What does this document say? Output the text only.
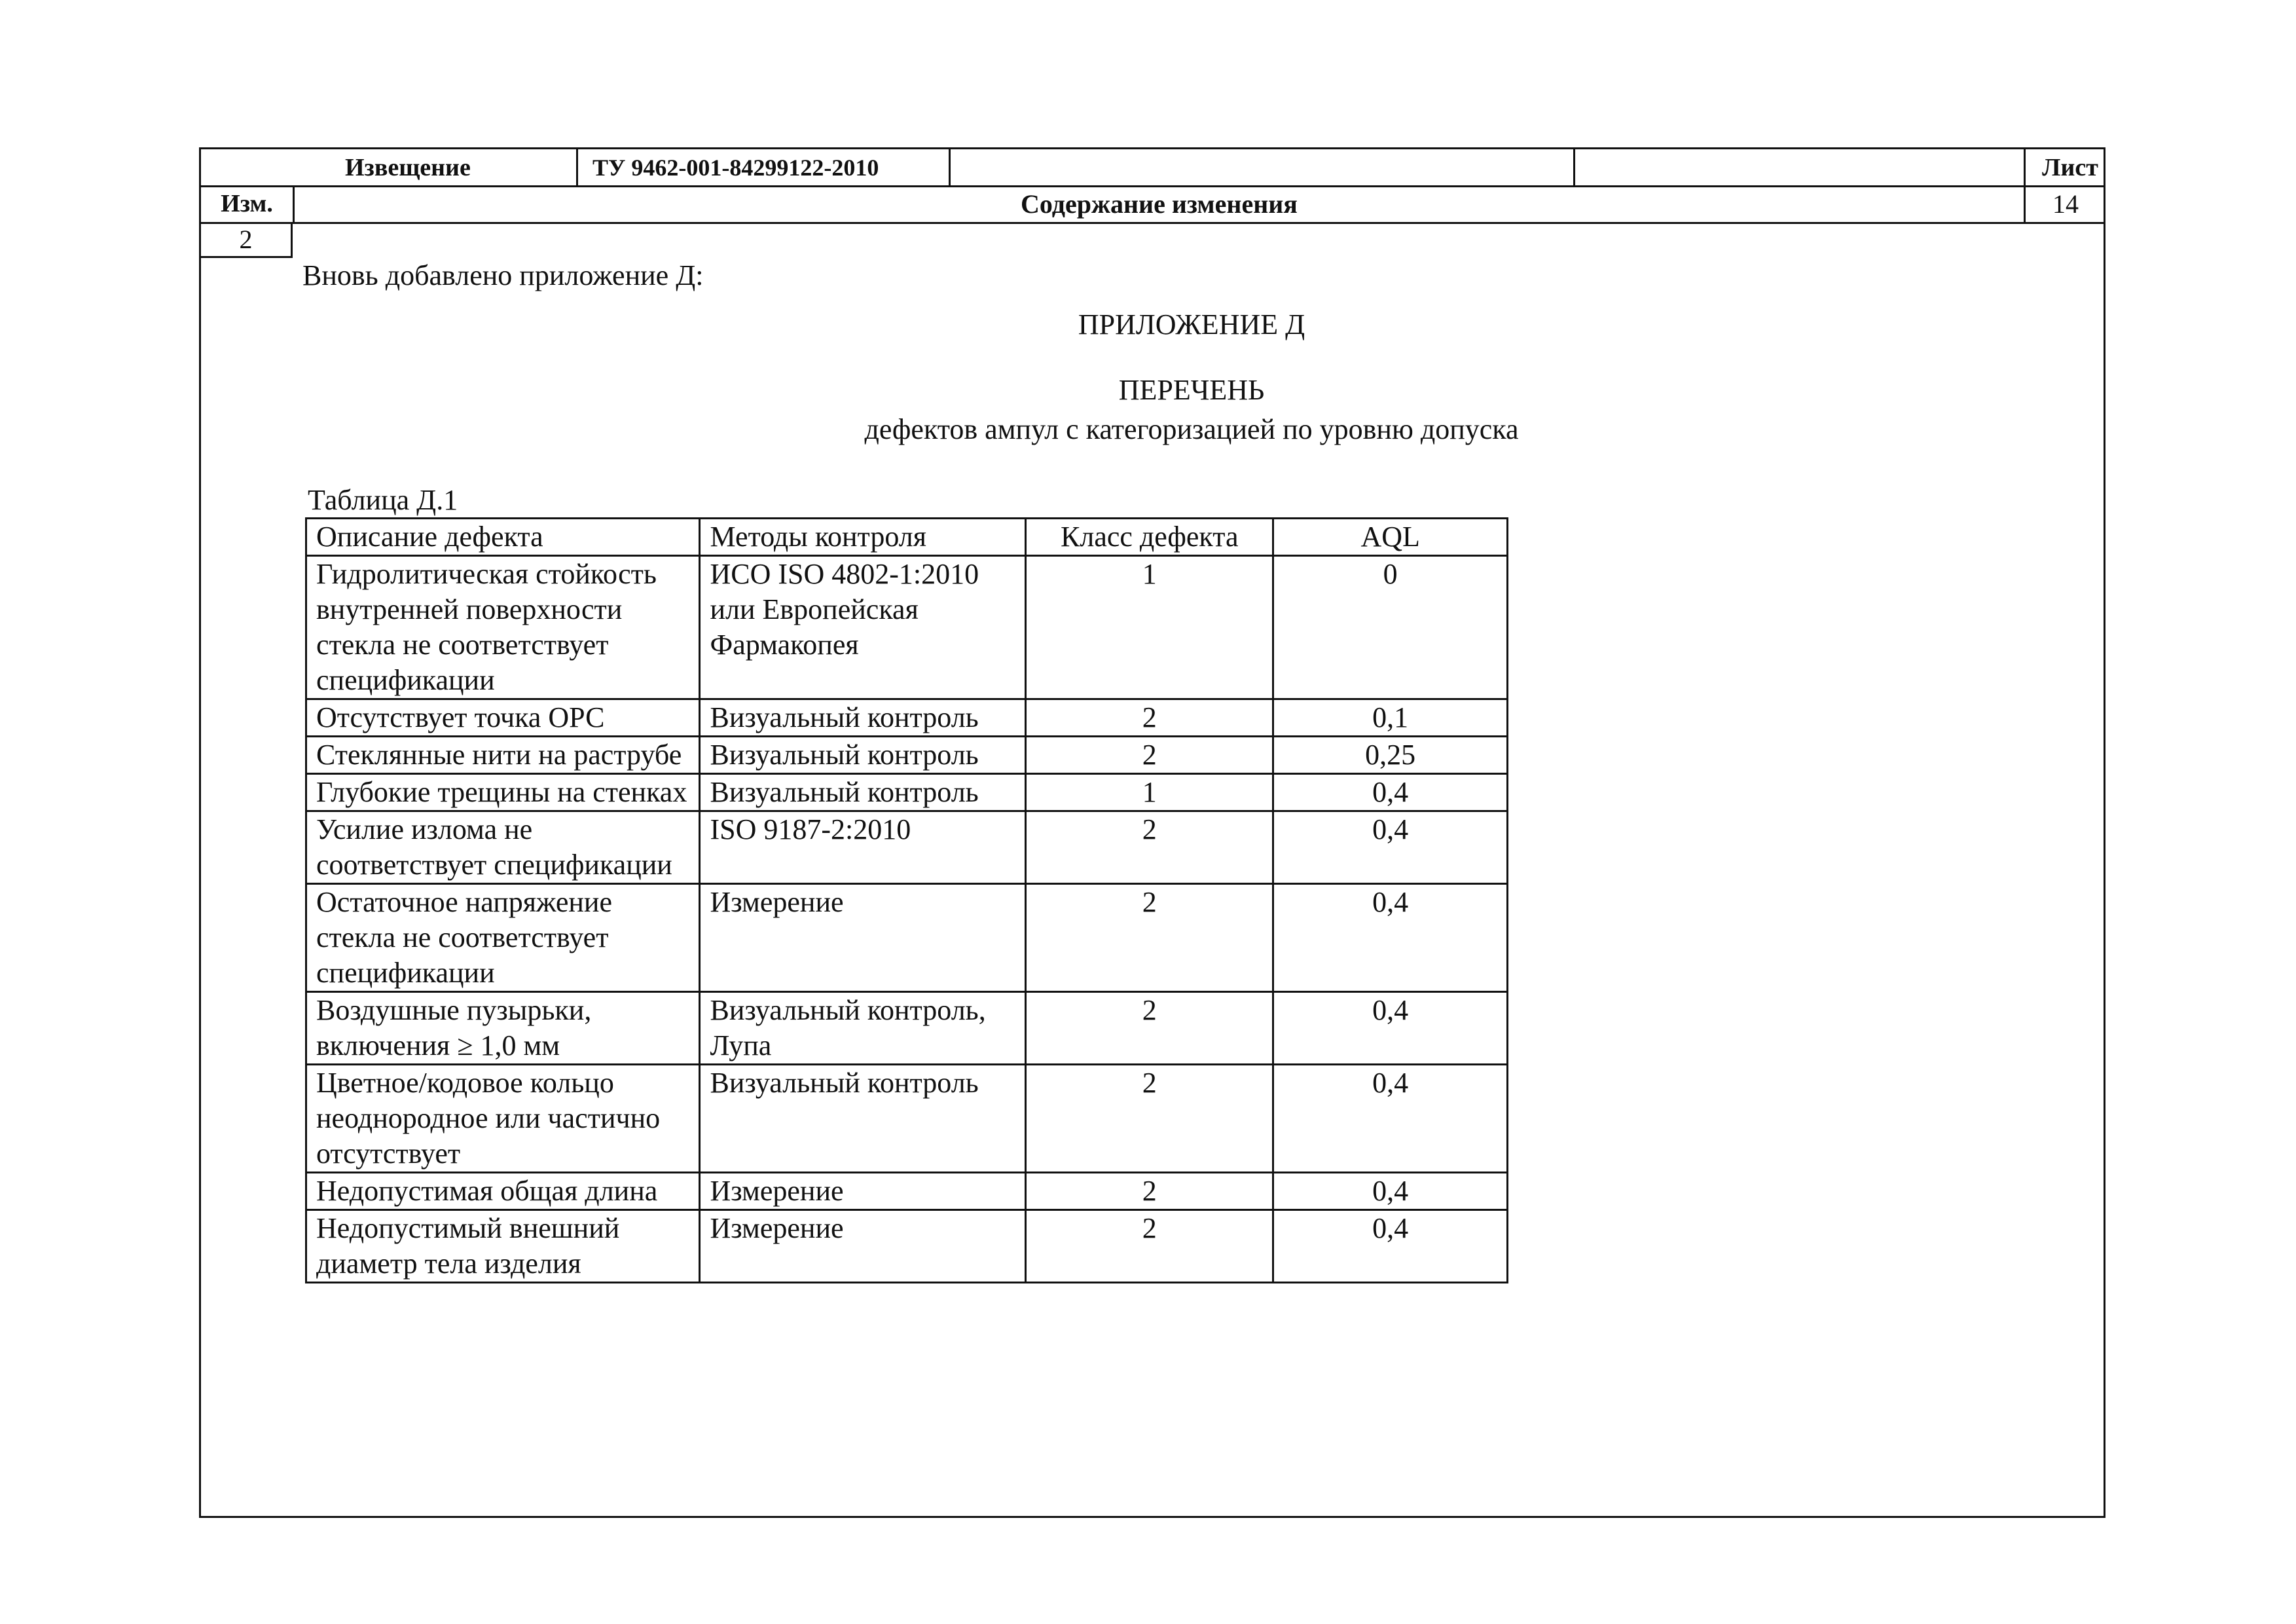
Извещение	ТУ 9462-001-84299122-2010	Лист
Изм.	Содержание изменения	14
2
Вновь добавлено приложение Д:
ПРИЛОЖЕНИЕ Д
ПЕРЕЧЕНЬ
дефектов ампул с категоризацией по уровню допуска
Таблица Д.1
Описание дефекта	Методы контроля	Класс дефекта	AQL
Гидролитическая стойкость внутренней поверхности стекла не соответствует спецификации	ИСО ISO 4802-1:2010 или Европейская Фармакопея	1	0
Отсутствует точка ОРС	Визуальный контроль	2	0,1
Стеклянные нити на раструбе	Визуальный контроль	2	0,25
Глубокие трещины на стенках	Визуальный контроль	1	0,4
Усилие излома не соответствует спецификации	ISO 9187-2:2010	2	0,4
Остаточное напряжение стекла не соответствует спецификации	Измерение	2	0,4
Воздушные пузырьки, включения ≥ 1,0 мм	Визуальный контроль, Лупа	2	0,4
Цветное/кодовое кольцо неоднородное или частично отсутствует	Визуальный контроль	2	0,4
Недопустимая общая длина	Измерение	2	0,4
Недопустимый внешний диаметр тела изделия	Измерение	2	0,4
